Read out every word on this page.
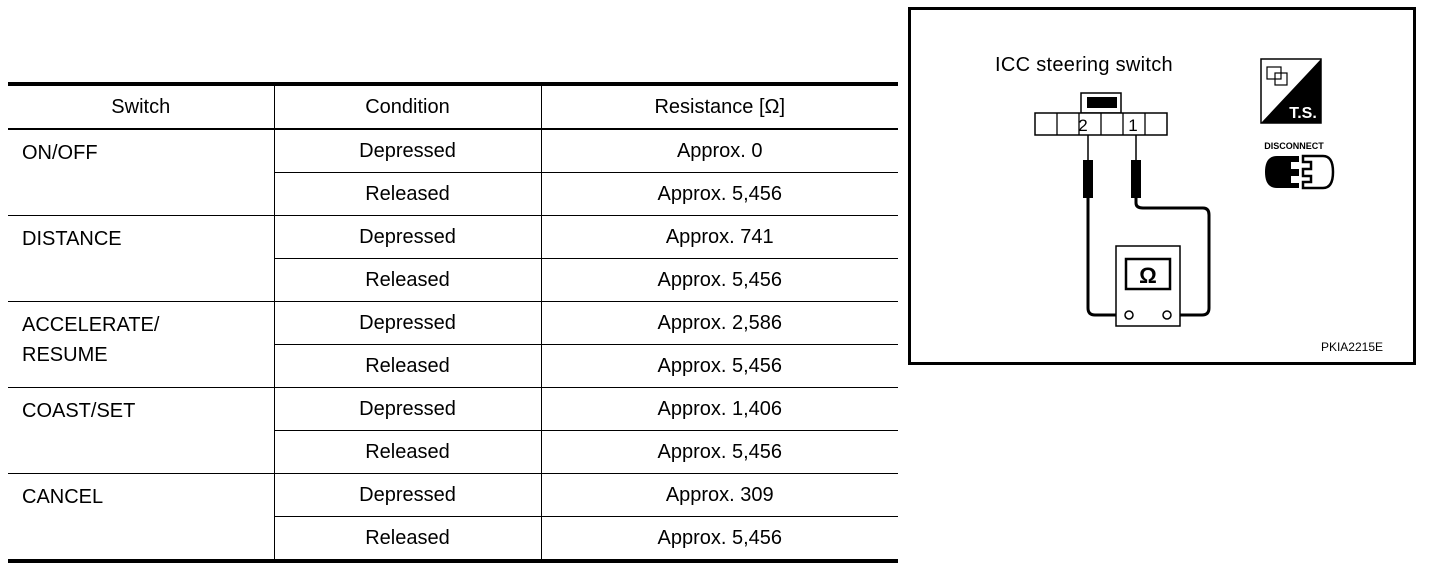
Switch	Condition	Resistance [Ω]
ON/OFF	Depressed	Approx. 0
	Released	Approx. 5,456
DISTANCE	Depressed	Approx. 741
	Released	Approx. 5,456
ACCELERATE/ RESUME	Depressed	Approx. 2,586
	Released	Approx. 5,456
COAST/SET	Depressed	Approx. 1,406
	Released	Approx. 5,456
CANCEL	Depressed	Approx. 309
	Released	Approx. 5,456
ICC steering switch
2 1
Ω
T.S.
DISCONNECT
PKIA2215E
